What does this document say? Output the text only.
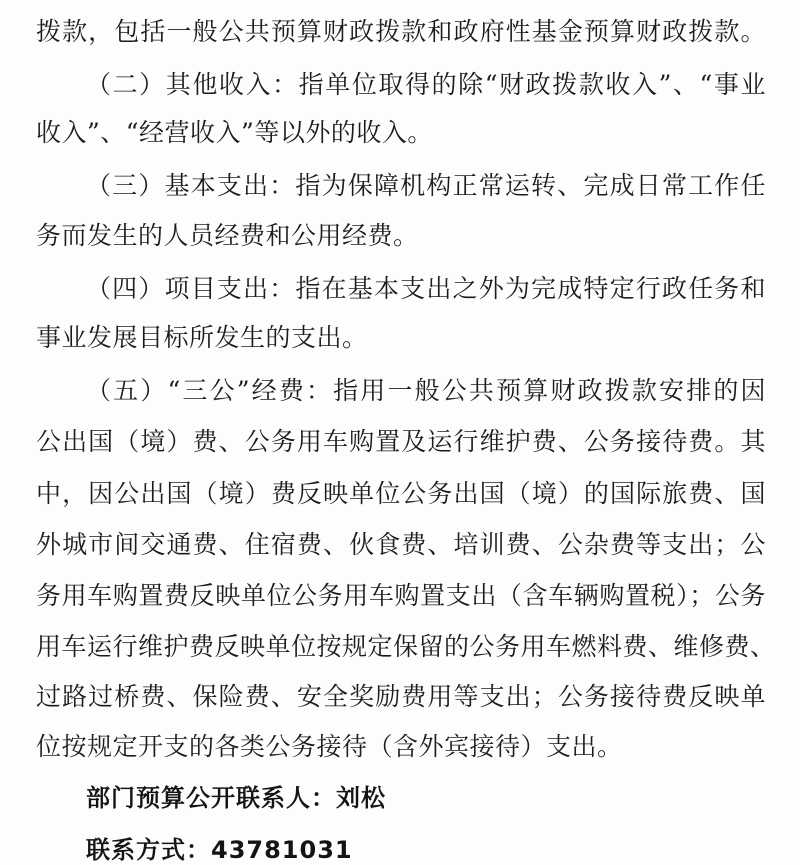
拨款，包括一般公共预算财政拨款和政府性基金预算财政拨款。
（二）其他收入：指单位取得的除“财政拨款收入”、“事业
收入”、“经营收入”等以外的收入。
（三）基本支出：指为保障机构正常运转、完成日常工作任
务而发生的人员经费和公用经费。
（四）项目支出：指在基本支出之外为完成特定行政任务和
事业发展目标所发生的支出。
（五）“三公”经费：指用一般公共预算财政拨款安排的因
公出国（境）费、公务用车购置及运行维护费、公务接待费。其
中，因公出国（境）费反映单位公务出国（境）的国际旅费、国
外城市间交通费、住宿费、伙食费、培训费、公杂费等支出；公
务用车购置费反映单位公务用车购置支出（含车辆购置税）；公务
用车运行维护费反映单位按规定保留的公务用车燃料费、维修费、
过路过桥费、保险费、安全奖励费用等支出；公务接待费反映单
位按规定开支的各类公务接待（含外宾接待）支出。
部门预算公开联系人：刘松
联系方式：43781031
